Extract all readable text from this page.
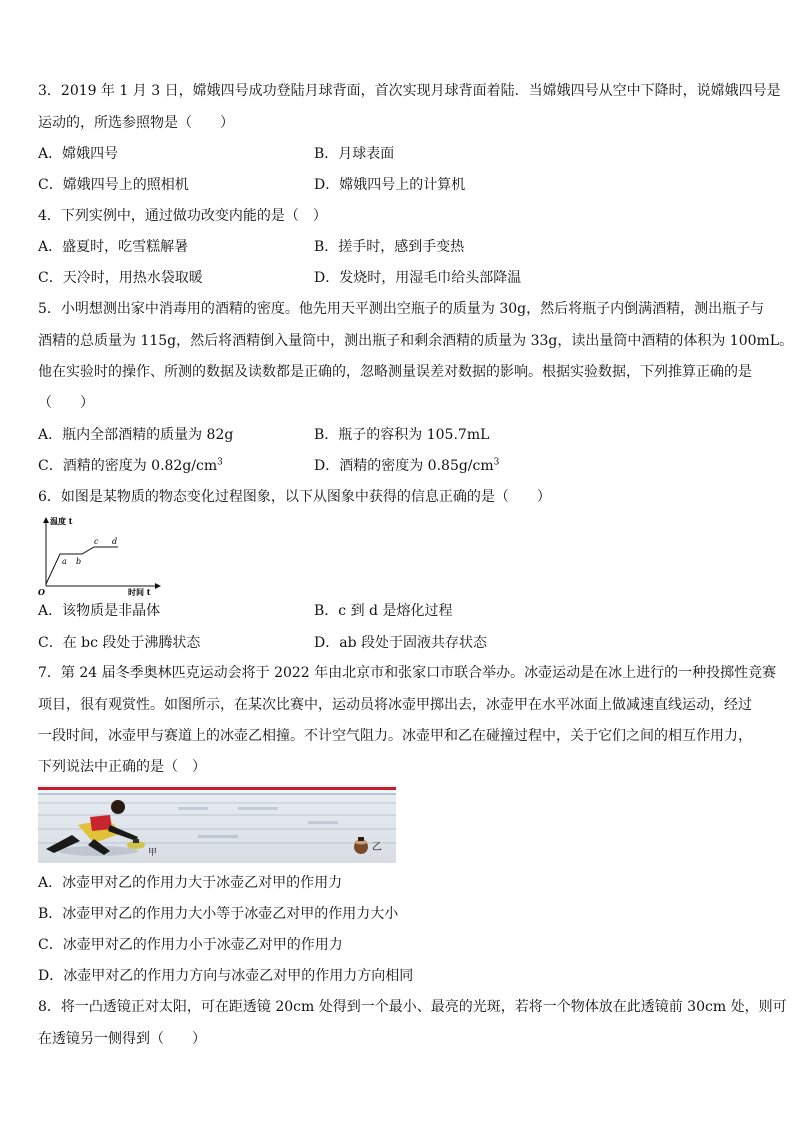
3．2019 年 1 月 3 日，嫦娥四号成功登陆月球背面，首次实现月球背面着陆．当嫦娥四号从空中下降时，说嫦娥四号是
运动的，所选参照物是（　　）
A．嫦娥四号	B．月球表面
C．嫦娥四号上的照相机	D．嫦娥四号上的计算机
4．下列实例中，通过做功改变内能的是（　）
A．盛夏时，吃雪糕解暑	B．搓手时，感到手变热
C．天冷时，用热水袋取暖	D．发烧时，用湿毛巾给头部降温
5．小明想测出家中消毒用的酒精的密度。他先用天平测出空瓶子的质量为 30g，然后将瓶子内倒满酒精，测出瓶子与
酒精的总质量为 115g，然后将酒精倒入量筒中，测出瓶子和剩余酒精的质量为 33g，读出量筒中酒精的体积为 100mL。
他在实验时的操作、所测的数据及读数都是正确的，忽略测量误差对数据的影响。根据实验数据，下列推算正确的是
（　　）
A．瓶内全部酒精的质量为 82g	B．瓶子的容积为 105.7mL
C．酒精的密度为 $0.82g/cm^3$	D．酒精的密度为 $0.85g/cm^3$
6．如图是某物质的物态变化过程图象，以下从图象中获得的信息正确的是（　　）
温度 t
时间 t
O
a b
c d
A．该物质是非晶体	B．c 到 d 是熔化过程
C．在 bc 段处于沸腾状态	D．ab 段处于固液共存状态
7．第 24 届冬季奥林匹克运动会将于 2022 年由北京市和张家口市联合举办。冰壶运动是在冰上进行的一种投掷性竞赛
项目，很有观赏性。如图所示，在某次比赛中，运动员将冰壶甲掷出去，冰壶甲在水平冰面上做减速直线运动，经过
一段时间，冰壶甲与赛道上的冰壶乙相撞。不计空气阻力。冰壶甲和乙在碰撞过程中，关于它们之间的相互作用力，
下列说法中正确的是（　）
甲	乙
A．冰壶甲对乙的作用力大于冰壶乙对甲的作用力
B．冰壶甲对乙的作用力大小等于冰壶乙对甲的作用力大小
C．冰壶甲对乙的作用力小于冰壶乙对甲的作用力
D．冰壶甲对乙的作用力方向与冰壶乙对甲的作用力方向相同
8．将一凸透镜正对太阳，可在距透镜 20cm 处得到一个最小、最亮的光斑，若将一个物体放在此透镜前 30cm 处，则可
在透镜另一侧得到（　　）
